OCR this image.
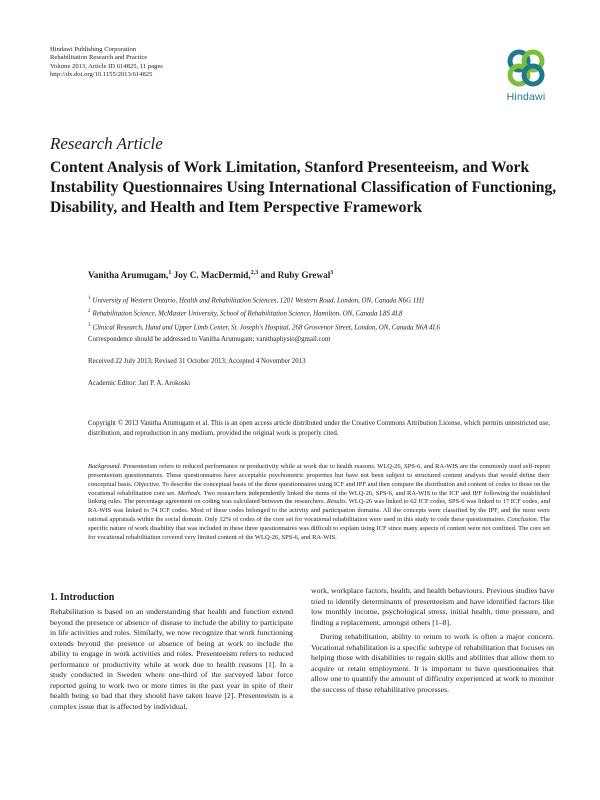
Hindawi Publishing Corporation
Rehabilitation Research and Practice
Volume 2013, Article ID 614825, 11 pages
http://dx.doi.org/10.1155/2013/614825
Hindawi
Research Article
Content Analysis of Work Limitation, Stanford Presenteeism, and Work Instability Questionnaires Using International Classification of Functioning, Disability, and Health and Item Perspective Framework
Vanitha Arumugam,$^1$ Joy C. MacDermid,$^{2,3}$ and Ruby Grewal$^3$
$^1$ University of Western Ontario, Health and Rehabilitation Sciences, 1201 Western Road, London, ON, Canada N6G 1H1
$^2$ Rehabilitation Science, McMaster University, School of Rehabilitation Science, Hamilton, ON, Canada L8S 4L8
$^3$ Clinical Research, Hand and Upper Limb Center, St. Joseph's Hospital, 268 Grosvenor Street, London, ON, Canada N6A 4L6
Correspondence should be addressed to Vanitha Arumugam; vanithaphysio@gmail.com
Received 22 July 2013; Revised 31 October 2013; Accepted 4 November 2013
Academic Editor: Jari P. A. Arokoski
Copyright © 2013 Vanitha Arumugam et al. This is an open access article distributed under the Creative Commons Attribution License, which permits unrestricted use, distribution, and reproduction in any medium, provided the original work is properly cited.
Background. Presenteeism refers to reduced performance or productivity while at work due to health reasons. WLQ-26, SPS-6, and RA-WIS are the commonly used self-report presenteeism questionnaires. These questionnaires have acceptable psychometric properties but have not been subject to structured content analysis that would define their conceptual basis. Objective. To describe the conceptual basis of the three questionnaires using ICF and IPF and then compare the distribution and content of codes to those on the vocational rehabilitation core set. Methods. Two researchers independently linked the items of the WLQ-26, SPS-6, and RA-WIS to the ICF and IPF following the established linking rules. The percentage agreement on coding was calculated between the researchers. Results. WLQ-26 was linked to 62 ICF codes, SPS-6 was linked to 17 ICF codes, and RA-WIS was linked to 74 ICF codes. Most of these codes belonged to the activity and participation domains. All the concepts were classified by the IPF, and the most were rational appraisals within the social domain. Only 12% of codes of the core set for vocational rehabilitation were used in this study to code these questionnaires. Conclusion. The specific nature of work disability that was included in these three questionnaires was difficult to explain using ICF since many aspects of content were not confined. The core set for vocational rehabilitation covered very limited content of the WLQ-26, SPS-6, and RA-WIS.
1. Introduction

Rehabilitation is based on an understanding that health and function extend beyond the presence or absence of disease to include the ability to participate in life activities and roles. Similarly, we now recognize that work functioning extends beyond the presence or absence of being at work to include the ability to engage in work activities and roles. Presenteeism refers to reduced performance or productivity while at work due to health reasons [1]. In a study conducted in Sweden where one-third of the surveyed labor force reported going to work two or more times in the past year in spite of their health being so bad that they should have taken leave [2]. Presenteeism is a complex issue that is affected by individual,

work, workplace factors, health, and health behaviours. Previous studies have tried to identify determinants of presenteeism and have identified factors like low monthly income, psychological stress, initial health, time pressure, and finding a replacement, amongst others [1–8].

During rehabilitation, ability to return to work is often a major concern. Vocational rehabilitation is a specific subtype of rehabilitation that focuses on helping those with disabilities to regain skills and abilities that allow them to acquire or retain employment. It is important to have questionnaires that allow one to quantify the amount of difficulty experienced at work to monitor the success of these rehabilitative processes.
